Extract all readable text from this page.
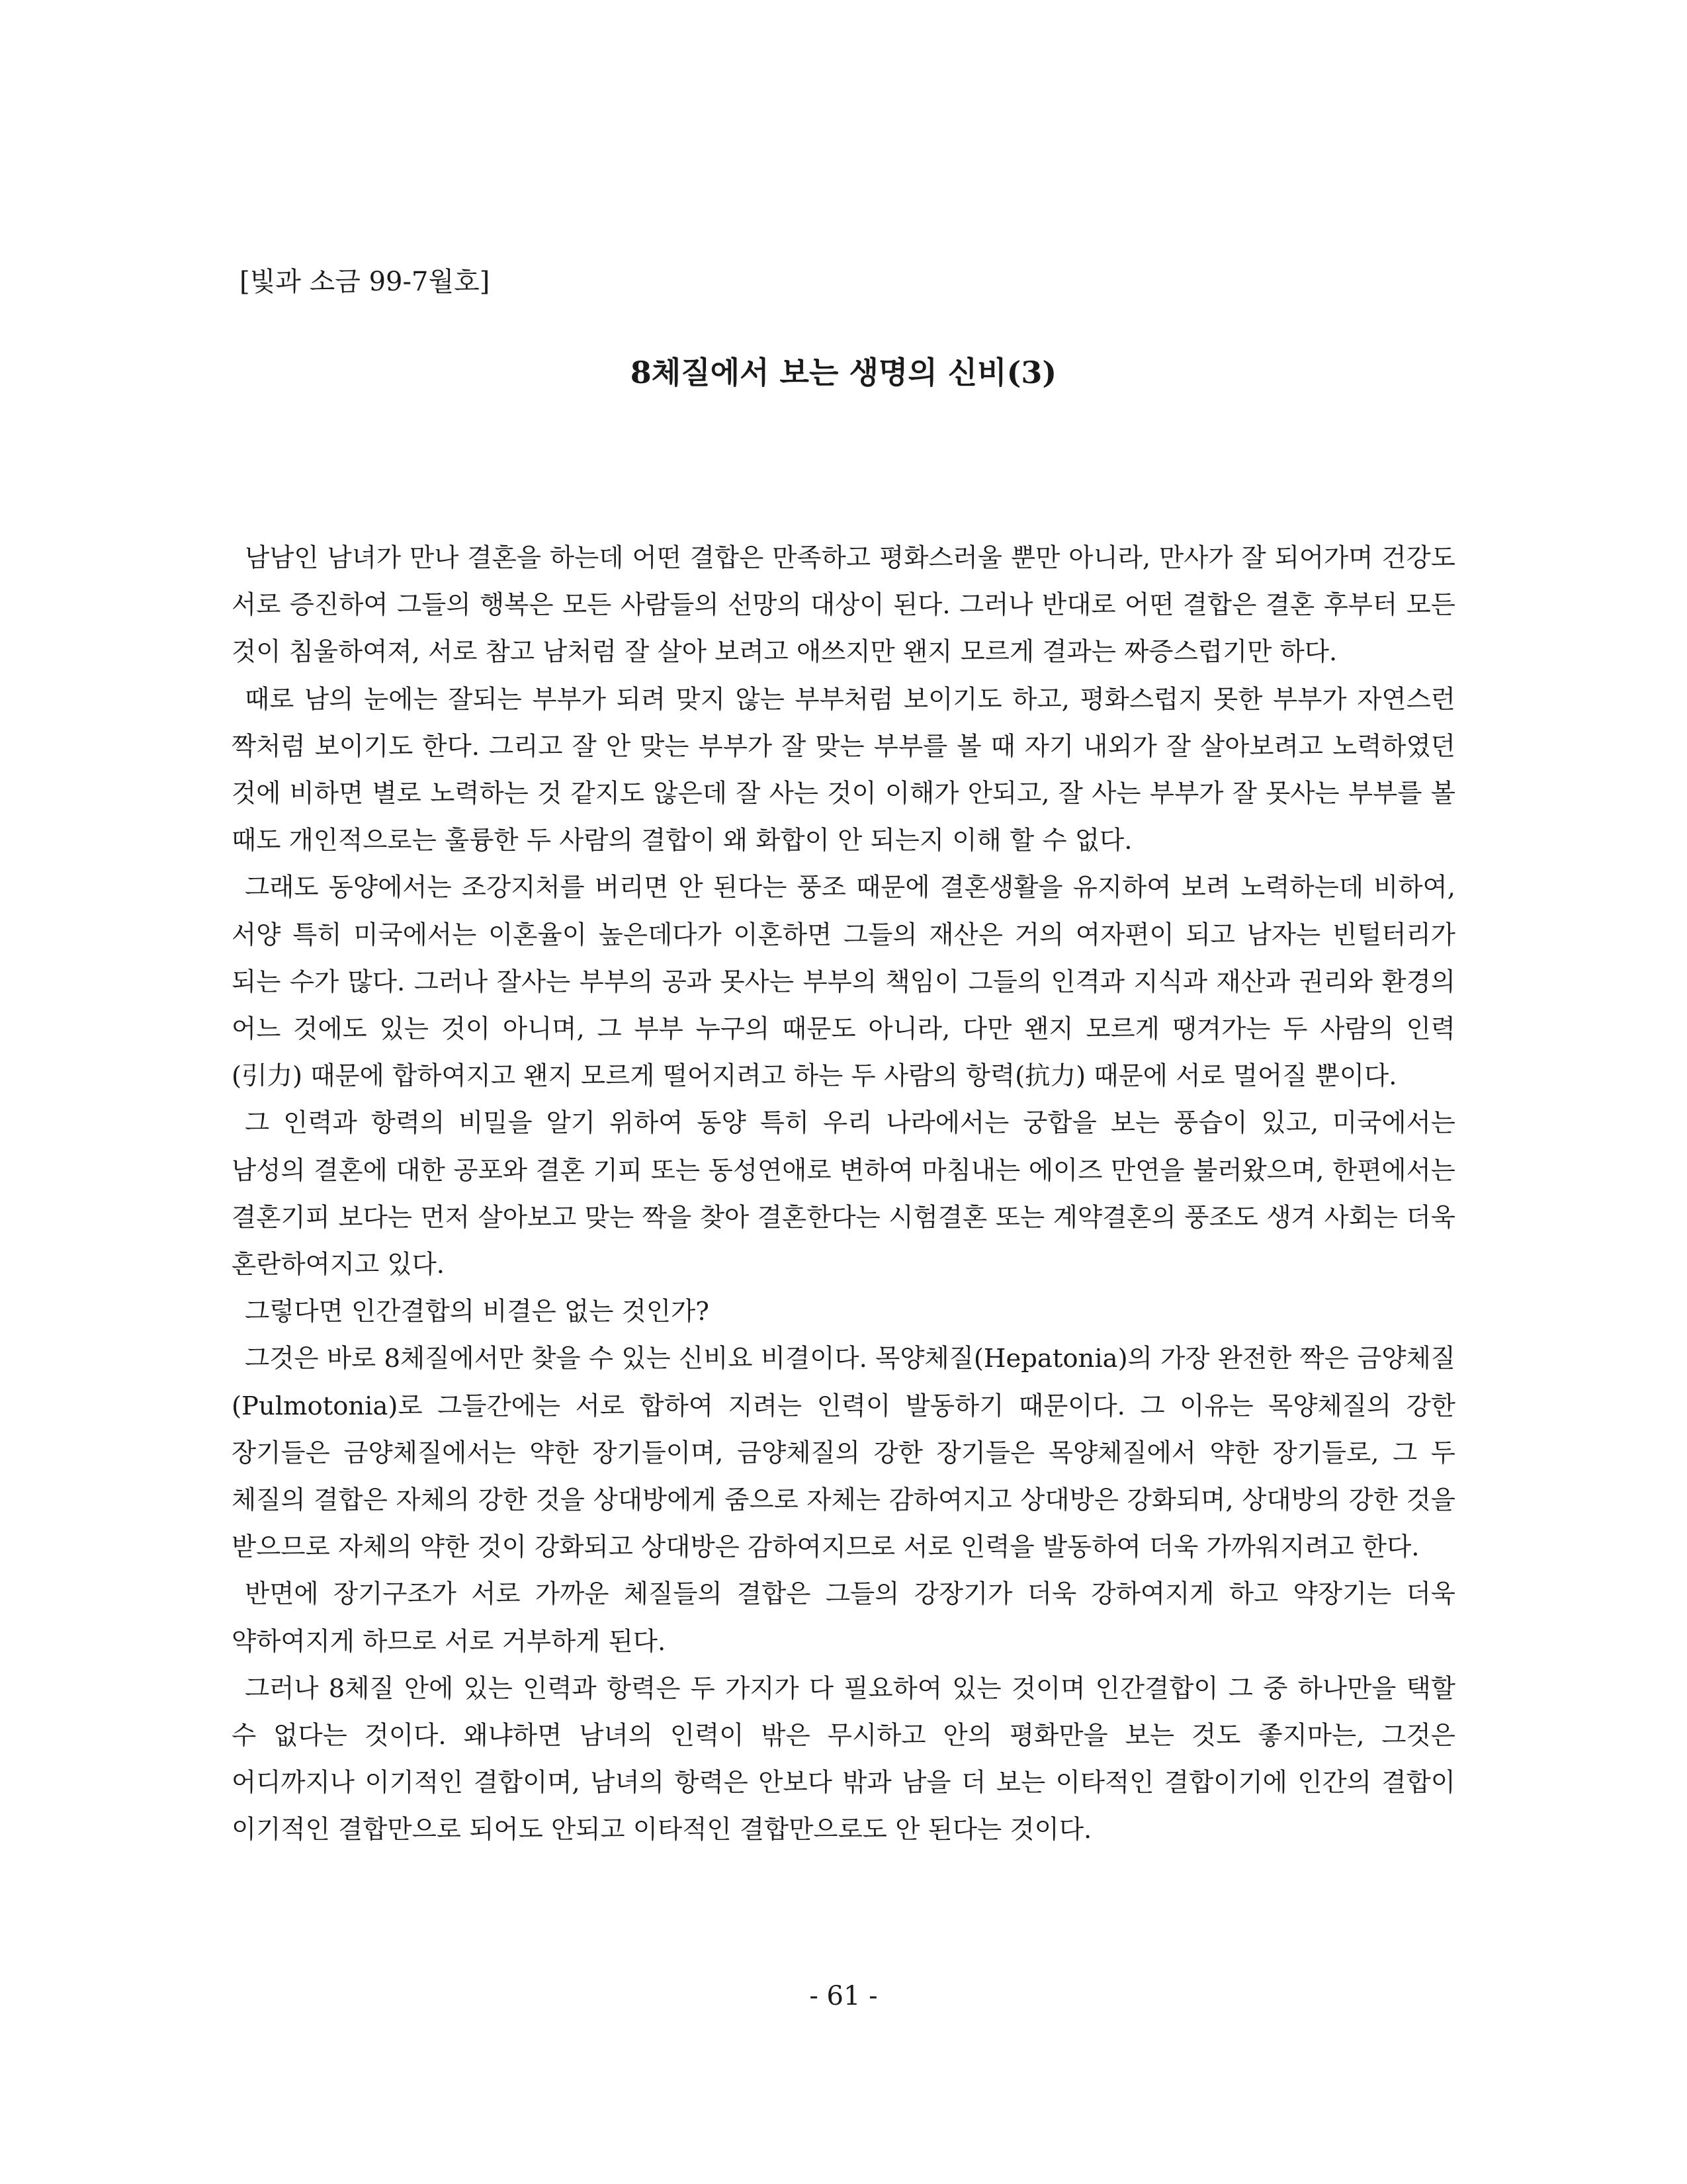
[빛과 소금 99-7월호]
8체질에서 보는 생명의 신비(3)

남남인 남녀가 만나 결혼을 하는데 어떤 결합은 만족하고 평화스러울 뿐만 아니라, 만사가 잘 되어가며 건강도 서로 증진하여 그들의 행복은 모든 사람들의 선망의 대상이 된다. 그러나 반대로 어떤 결합은 결혼 후부터 모든 것이 침울하여져, 서로 참고 남처럼 잘 살아 보려고 애쓰지만 왠지 모르게 결과는 짜증스럽기만 하다.

때로 남의 눈에는 잘되는 부부가 되려 맞지 않는 부부처럼 보이기도 하고, 평화스럽지 못한 부부가 자연스런 짝처럼 보이기도 한다. 그리고 잘 안 맞는 부부가 잘 맞는 부부를 볼 때 자기 내외가 잘 살아보려고 노력하였던 것에 비하면 별로 노력하는 것 같지도 않은데 잘 사는 것이 이해가 안되고, 잘 사는 부부가 잘 못사는 부부를 볼 때도 개인적으로는 훌륭한 두 사람의 결합이 왜 화합이 안 되는지 이해 할 수 없다.

그래도 동양에서는 조강지처를 버리면 안 된다는 풍조 때문에 결혼생활을 유지하여 보려 노력하는데 비하여, 서양 특히 미국에서는 이혼율이 높은데다가 이혼하면 그들의 재산은 거의 여자편이 되고 남자는 빈털터리가 되는 수가 많다. 그러나 잘사는 부부의 공과 못사는 부부의 책임이 그들의 인격과 지식과 재산과 권리와 환경의 어느 것에도 있는 것이 아니며, 그 부부 누구의 때문도 아니라, 다만 왠지 모르게 땡겨가는 두 사람의 인력(引力) 때문에 합하여지고 왠지 모르게 떨어지려고 하는 두 사람의 항력(抗力) 때문에 서로 멀어질 뿐이다.

그 인력과 항력의 비밀을 알기 위하여 동양 특히 우리 나라에서는 궁합을 보는 풍습이 있고, 미국에서는 남성의 결혼에 대한 공포와 결혼 기피 또는 동성연애로 변하여 마침내는 에이즈 만연을 불러왔으며, 한편에서는 결혼기피 보다는 먼저 살아보고 맞는 짝을 찾아 결혼한다는 시험결혼 또는 계약결혼의 풍조도 생겨 사회는 더욱 혼란하여지고 있다.

그렇다면 인간결합의 비결은 없는 것인가?

그것은 바로 8체질에서만 찾을 수 있는 신비요 비결이다. 목양체질(Hepatonia)의 가장 완전한 짝은 금양체질(Pulmotonia)로 그들간에는 서로 합하여 지려는 인력이 발동하기 때문이다. 그 이유는 목양체질의 강한 장기들은 금양체질에서는 약한 장기들이며, 금양체질의 강한 장기들은 목양체질에서 약한 장기들로, 그 두 체질의 결합은 자체의 강한 것을 상대방에게 줌으로 자체는 감하여지고 상대방은 강화되며, 상대방의 강한 것을 받으므로 자체의 약한 것이 강화되고 상대방은 감하여지므로 서로 인력을 발동하여 더욱 가까워지려고 한다.

반면에 장기구조가 서로 가까운 체질들의 결합은 그들의 강장기가 더욱 강하여지게 하고 약장기는 더욱 약하여지게 하므로 서로 거부하게 된다.

그러나 8체질 안에 있는 인력과 항력은 두 가지가 다 필요하여 있는 것이며 인간결합이 그 중 하나만을 택할 수 없다는 것이다. 왜냐하면 남녀의 인력이 밖은 무시하고 안의 평화만을 보는 것도 좋지마는, 그것은 어디까지나 이기적인 결합이며, 남녀의 항력은 안보다 밖과 남을 더 보는 이타적인 결합이기에 인간의 결합이 이기적인 결합만으로 되어도 안되고 이타적인 결합만으로도 안 된다는 것이다.

- 61 -
